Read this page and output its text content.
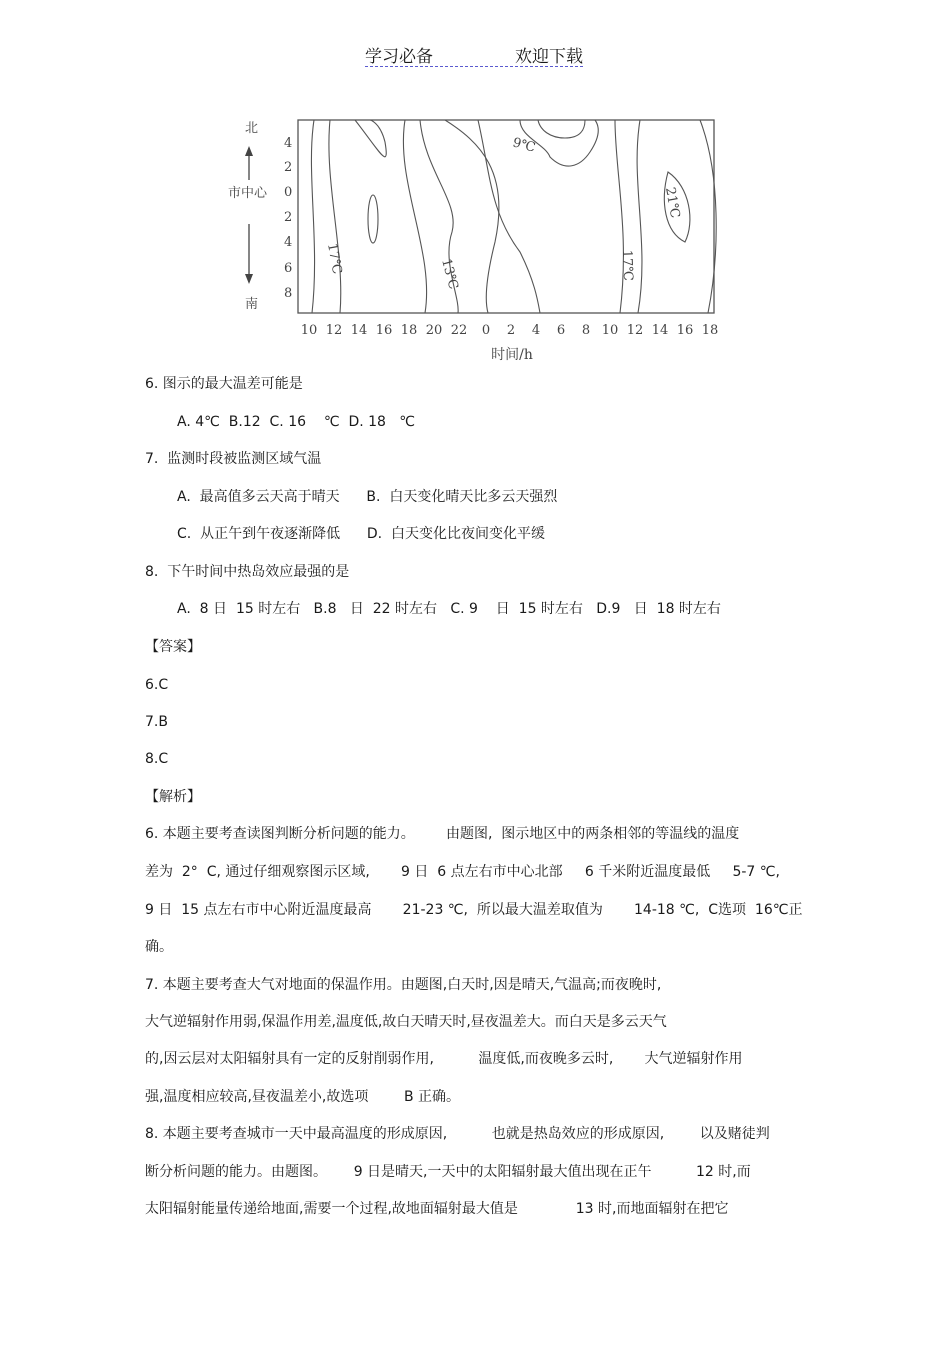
学习必备	欢迎下载
北
市中心
南
4
2
0
2
4
6
8
17℃	13℃
9℃
17℃
21℃
10 12 14 16 18 20 22 0 2 4 6 8 10 12 14 16 18
时间/h
6. 图示的最大温差可能是
A. 4℃  B.12  C. 16    ℃  D. 18   ℃
7.  监测时段被监测区域气温
A.  最高值多云天高于晴天      B.  白天变化晴天比多云天强烈
C.  从正午到午夜逐渐降低      D.  白天变化比夜间变化平缓
8.  下午时间中热岛效应最强的是
A.  8 日  15 时左右   B.8   日  22 时左右   C. 9    日  15 时左右   D.9   日  18 时左右
【答案】
6.C
7.B
8.C
【解析】
6. 本题主要考查读图判断分析问题的能力。       由题图,  图示地区中的两条相邻的等温线的温度
差为  2°  C, 通过仔细观察图示区域,       9 日  6 点左右市中心北部     6 千米附近温度最低     5-7 ℃,
9 日  15 点左右市中心附近温度最高       21-23 ℃,  所以最大温差取值为       14-18 ℃,  C选项  16℃正
确。
7. 本题主要考查大气对地面的保温作用。由题图,白天时,因是晴天,气温高;而夜晚时,
大气逆辐射作用弱,保温作用差,温度低,故白天晴天时,昼夜温差大。而白天是多云天气
的,因云层对太阳辐射具有一定的反射削弱作用,          温度低,而夜晚多云时,       大气逆辐射作用
强,温度相应较高,昼夜温差小,故选项        B 正确。
8. 本题主要考查城市一天中最高温度的形成原因,          也就是热岛效应的形成原因,        以及赌徒判
断分析问题的能力。由题图。      9 日是晴天,一天中的太阳辐射最大值出现在正午          12 时,而
太阳辐射能量传递给地面,需要一个过程,故地面辐射最大值是             13 时,而地面辐射在把它
